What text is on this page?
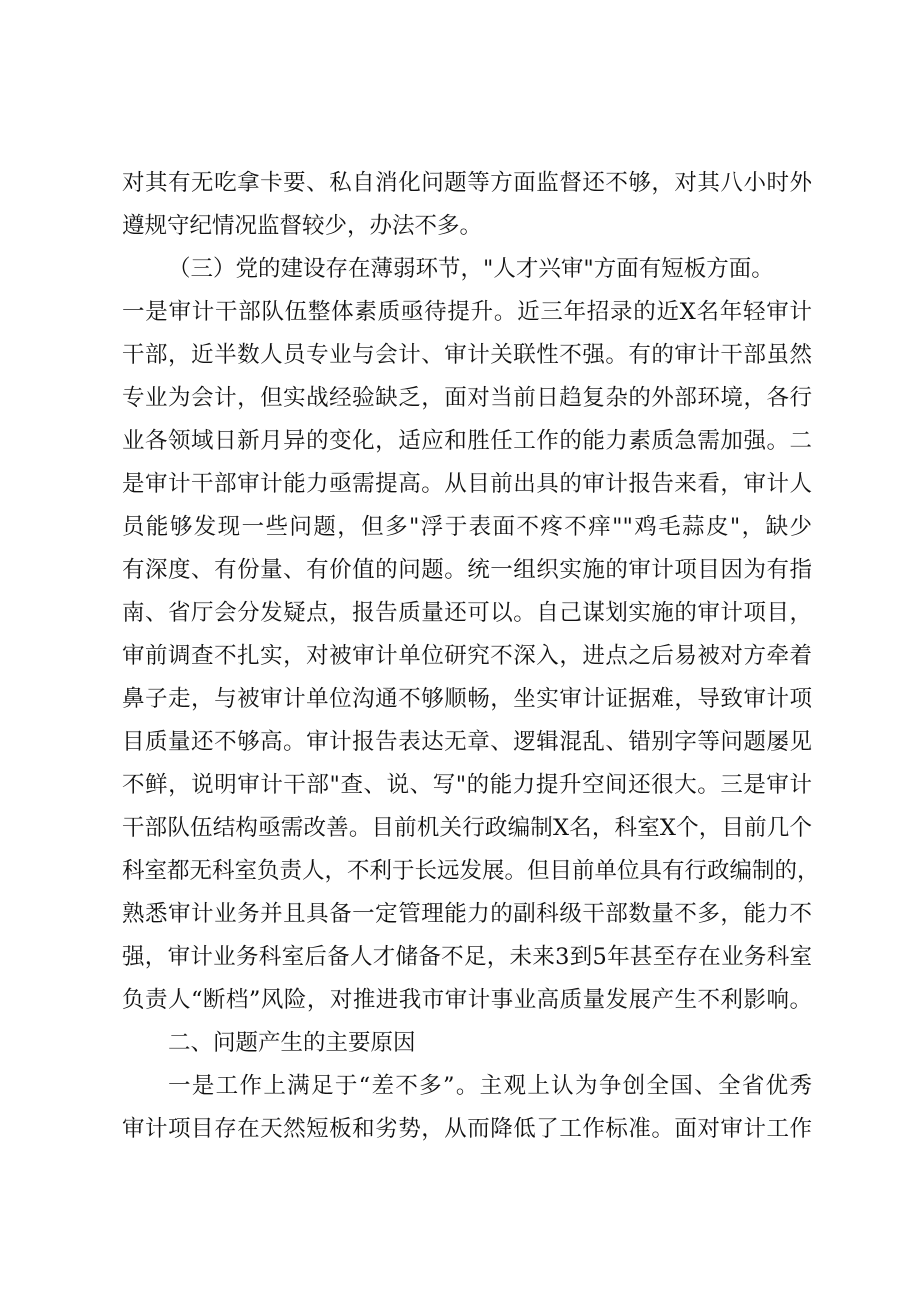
对其有无吃拿卡要、私自消化问题等方面监督还不够，对其八小时外
遵规守纪情况监督较少，办法不多。
（三）党的建设存在薄弱环节，"人才兴审"方面有短板方面。
一是审计干部队伍整体素质亟待提升。近三年招录的近X名年轻审计
干部，近半数人员专业与会计、审计关联性不强。有的审计干部虽然
专业为会计，但实战经验缺乏，面对当前日趋复杂的外部环境，各行
业各领域日新月异的变化，适应和胜任工作的能力素质急需加强。二
是审计干部审计能力亟需提高。从目前出具的审计报告来看，审计人
员能够发现一些问题，但多"浮于表面不疼不痒""鸡毛蒜皮"，缺少
有深度、有份量、有价值的问题。统一组织实施的审计项目因为有指
南、省厅会分发疑点，报告质量还可以。自己谋划实施的审计项目，
审前调查不扎实，对被审计单位研究不深入，进点之后易被对方牵着
鼻子走，与被审计单位沟通不够顺畅，坐实审计证据难，导致审计项
目质量还不够高。审计报告表达无章、逻辑混乱、错别字等问题屡见
不鲜，说明审计干部"查、说、写"的能力提升空间还很大。三是审计
干部队伍结构亟需改善。目前机关行政编制X名，科室X个，目前几个
科室都无科室负责人，不利于长远发展。但目前单位具有行政编制的，
熟悉审计业务并且具备一定管理能力的副科级干部数量不多，能力不
强，审计业务科室后备人才储备不足，未来3到5年甚至存在业务科室
负责人“断档”风险，对推进我市审计事业高质量发展产生不利影响。
二、问题产生的主要原因
一是工作上满足于“差不多”。主观上认为争创全国、全省优秀
审计项目存在天然短板和劣势，从而降低了工作标准。面对审计工作
